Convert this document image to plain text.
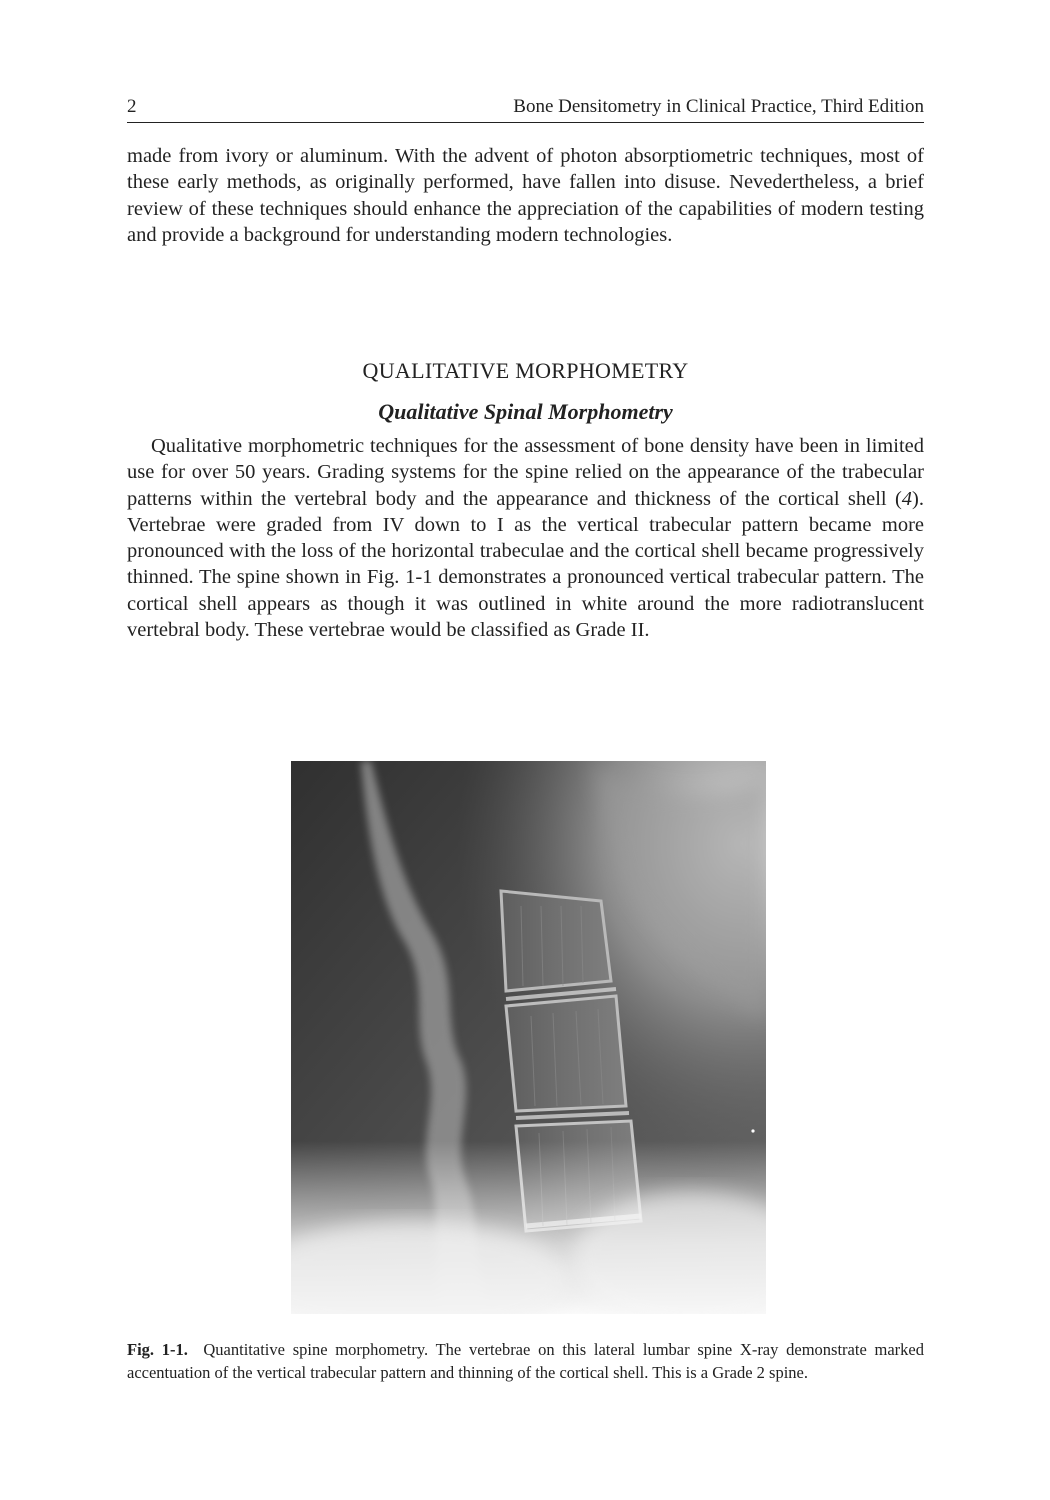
2	Bone Densitometry in Clinical Practice, Third Edition

made from ivory or aluminum. With the advent of photon absorptiometric techniques, most of these early methods, as originally performed, have fallen into disuse. Nevedertheless, a brief review of these techniques should enhance the appreciation of the capabilities of modern testing and provide a background for understanding modern technologies.

QUALITATIVE MORPHOMETRY
Qualitative Spinal Morphometry

Qualitative morphometric techniques for the assessment of bone density have been in limited use for over 50 years. Grading systems for the spine relied on the appearance of the trabecular patterns within the vertebral body and the appearance and thickness of the cortical shell (4). Vertebrae were graded from IV down to I as the vertical trabecular pattern became more pronounced with the loss of the horizontal trabeculae and the cortical shell became progressively thinned. The spine shown in Fig. 1-1 demonstrates a pronounced vertical trabecular pattern. The cortical shell appears as though it was outlined in white around the more radiotranslucent vertebral body. These vertebrae would be classified as Grade II.

Fig. 1-1. Quantitative spine morphometry. The vertebrae on this lateral lumbar spine X-ray demonstrate marked accentuation of the vertical trabecular pattern and thinning of the cortical shell. This is a Grade 2 spine.
